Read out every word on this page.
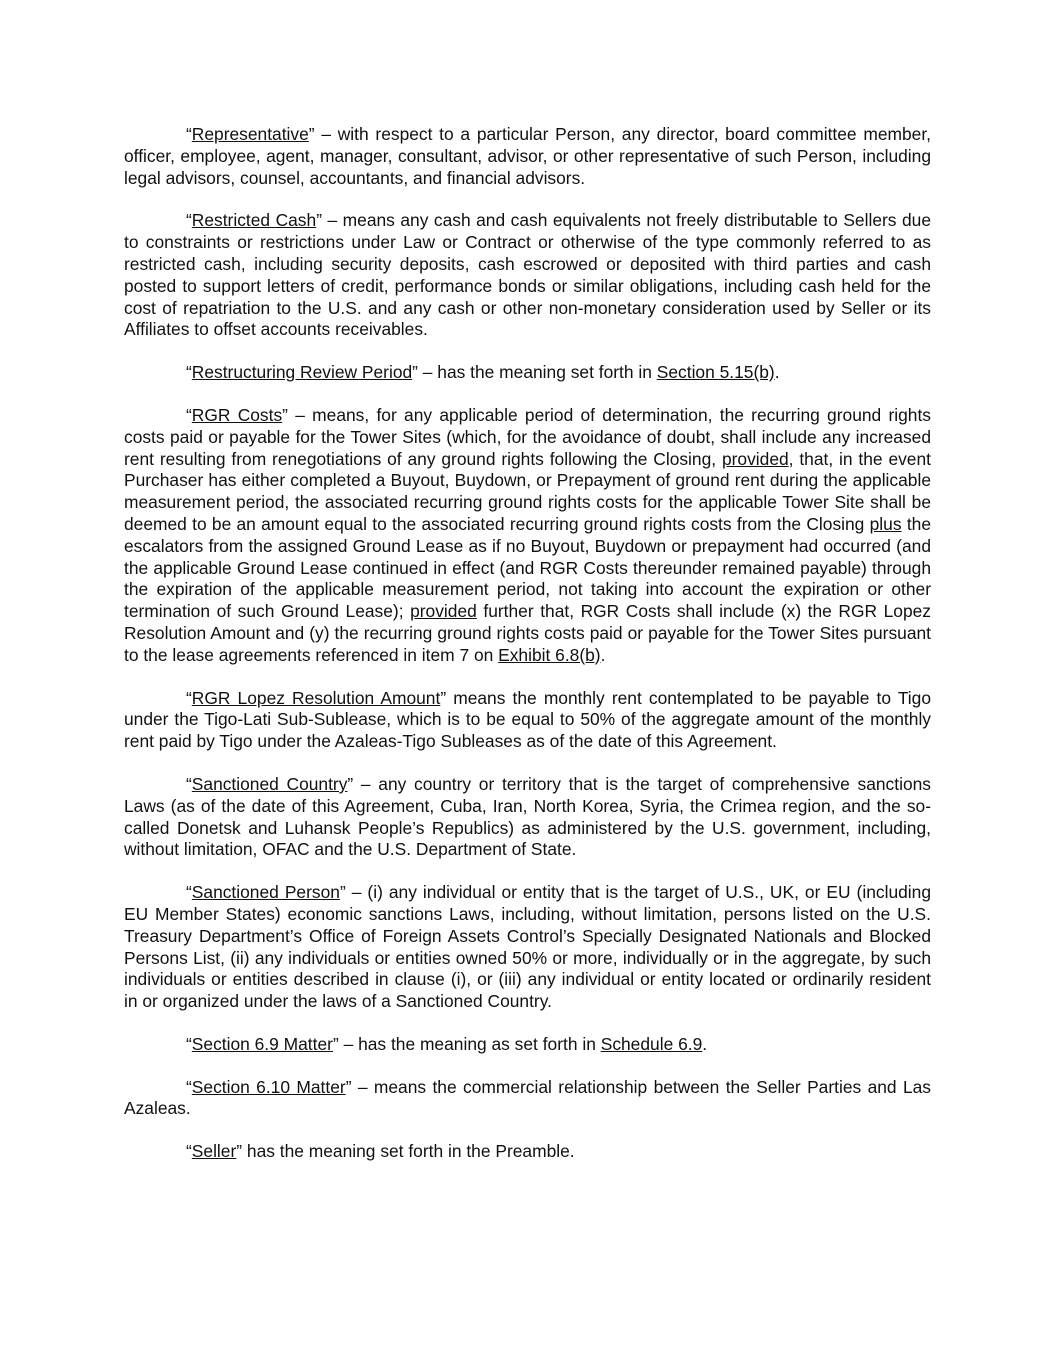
“Representative” – with respect to a particular Person, any director, board committee member, officer, employee, agent, manager, consultant, advisor, or other representative of such Person, including legal advisors, counsel, accountants, and financial advisors.

“Restricted Cash” – means any cash and cash equivalents not freely distributable to Sellers due to constraints or restrictions under Law or Contract or otherwise of the type commonly referred to as restricted cash, including security deposits, cash escrowed or deposited with third parties and cash posted to support letters of credit, performance bonds or similar obligations, including cash held for the cost of repatriation to the U.S. and any cash or other non-monetary consideration used by Seller or its Affiliates to offset accounts receivables.

“Restructuring Review Period” – has the meaning set forth in Section 5.15(b).

“RGR Costs” – means, for any applicable period of determination, the recurring ground rights costs paid or payable for the Tower Sites (which, for the avoidance of doubt, shall include any increased rent resulting from renegotiations of any ground rights following the Closing, provided, that, in the event Purchaser has either completed a Buyout, Buydown, or Prepayment of ground rent during the applicable measurement period, the associated recurring ground rights costs for the applicable Tower Site shall be deemed to be an amount equal to the associated recurring ground rights costs from the Closing plus the escalators from the assigned Ground Lease as if no Buyout, Buydown or prepayment had occurred (and the applicable Ground Lease continued in effect (and RGR Costs thereunder remained payable) through the expiration of the applicable measurement period, not taking into account the expiration or other termination of such Ground Lease); provided further that, RGR Costs shall include (x) the RGR Lopez Resolution Amount and (y) the recurring ground rights costs paid or payable for the Tower Sites pursuant to the lease agreements referenced in item 7 on Exhibit 6.8(b).

“RGR Lopez Resolution Amount” means the monthly rent contemplated to be payable to Tigo under the Tigo-Lati Sub-Sublease, which is to be equal to 50% of the aggregate amount of the monthly rent paid by Tigo under the Azaleas-Tigo Subleases as of the date of this Agreement.

“Sanctioned Country” – any country or territory that is the target of comprehensive sanctions Laws (as of the date of this Agreement, Cuba, Iran, North Korea, Syria, the Crimea region, and the so-called Donetsk and Luhansk People’s Republics) as administered by the U.S. government, including, without limitation, OFAC and the U.S. Department of State.

“Sanctioned Person” – (i) any individual or entity that is the target of U.S., UK, or EU (including EU Member States) economic sanctions Laws, including, without limitation, persons listed on the U.S. Treasury Department’s Office of Foreign Assets Control’s Specially Designated Nationals and Blocked Persons List, (ii) any individuals or entities owned 50% or more, individually or in the aggregate, by such individuals or entities described in clause (i), or (iii) any individual or entity located or ordinarily resident in or organized under the laws of a Sanctioned Country.

“Section 6.9 Matter” – has the meaning as set forth in Schedule 6.9.

“Section 6.10 Matter” – means the commercial relationship between the Seller Parties and Las Azaleas.

“Seller” has the meaning set forth in the Preamble.
